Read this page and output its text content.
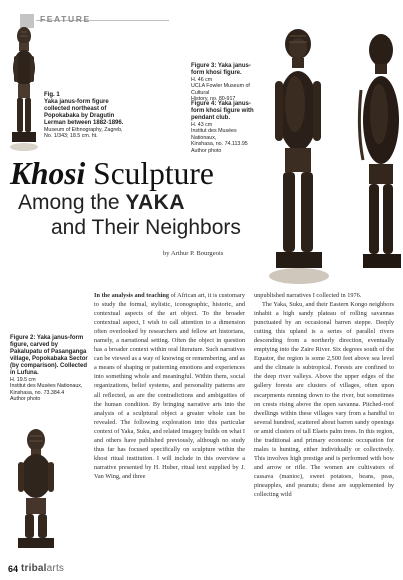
FEATURE
Fig. 1
Yaka janus-form figure collected northeast of Popokabaka by Dragutin Lerman between 1882-1896.
Museum of Ethnography, Zagreb,
No. 1/343; 18.5 cm. ht.
Figure 3: Yaka janus-form khosi figure.
H. 46 cm
UCLA Fowler Museum of Cultural
History, no. 80-917
Figure 4: Yaka janus-form khosi figure with pendant club.
H. 43 cm
Institut des Musées Nationaux,
Kinshasa, no. 74.113.95
Author photo
Khosi Sculpture
Among the YAKA
and Their Neighbors
by Arthur P. Bourgeois
Figure 2: Yaka janus-form figure, carved by Pakalupatu of Pasanganga village, Popokabaka Sector (by comparison). Collected in Lufuna.
H. 19.5 cm
Institut des Musées Nationaux,
Kinshasa, no. 73.384.4
Author photo
In the analysis and teaching of African art, it is customary to study the formal, stylistic, iconographic, historic, and contextual aspects of the art object. To the broader contextual aspect, I wish to call attention to a dimension often overlooked by researchers and fellow art historians, namely, a narrational setting. Often the object in question has a broader context within oral literature. Such narratives can be viewed as a way of knowing or remembering, and as a means of shaping or patterning emotions and experiences into something whole and meaningful. Within them, social organizations, belief systems, and personality patterns are all reflected, as are the contradictions and ambiguities of the human condition. By bringing narrative arts into the analysis of a sculptural object a greater whole can be revealed. The following exploration into this particular context of Yaka, Suku, and related imagery builds on what I and others have published previously, although no study thus far has focused specifically on sculpture within the khosi ritual institution. I will include in this overview a narrative presented by H. Huber, ritual text supplied by J. Van Wing, and three
unpublished narratives I collected in 1976.
The Yaka, Suku, and their Eastern Kongo neighbors inhabit a high sandy plateau of rolling savannas punctuated by an occasional barren steppe. Deeply cutting this upland is a series of parallel rivers descending from a northerly direction, eventually emptying into the Zaire River. Six degrees south of the Equator, the region is some 2,500 feet above sea level and the climate is subtropical. Forests are confined to the deep river valleys. Above the upper edges of the gallery forests are clusters of villages, often upon escarpments running down to the river, but sometimes on crests rising above the open savanna. Pitched-roof dwellings within these villages vary from a handful to several hundred, scattered about barren sandy openings or amid clusters of tall Elaeis palm trees. In this region, the traditional and primary economic occupation for males is hunting, either individually or collectively. This involves high prestige and is performed with bow and arrow or rifle. The women are cultivators of cassava (manioc), sweet potatoes, beans, peas, pineapples, and peanuts; these are supplemented by collecting wild
64 tribalarts
